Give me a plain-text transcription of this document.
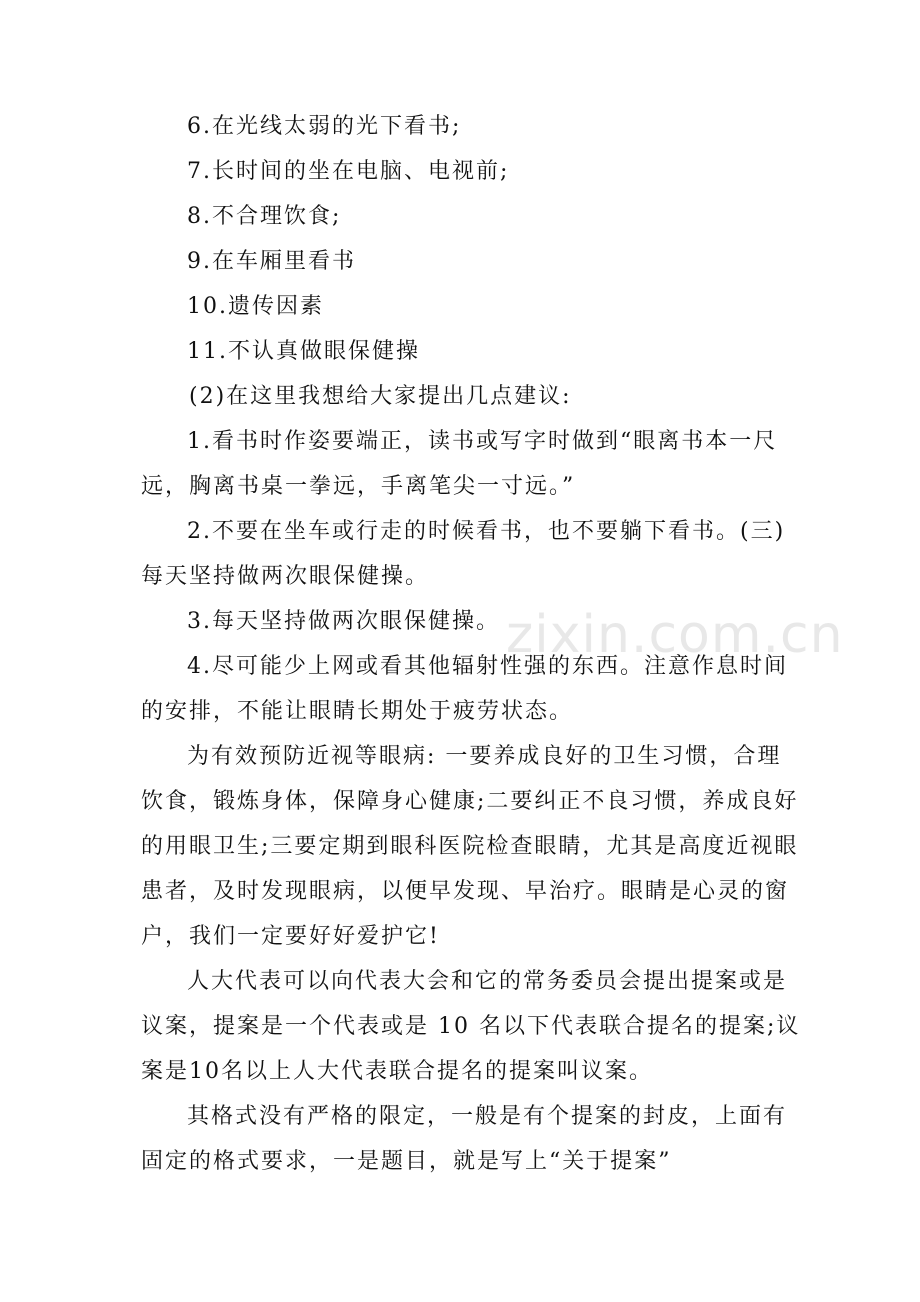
6.在光线太弱的光下看书;
7.长时间的坐在电脑、电视前;
8.不合理饮食;
9.在车厢里看书
10.遗传因素
11.不认真做眼保健操
(2)在这里我想给大家提出几点建议:
1.看书时作姿要端正，读书或写字时做到“眼离书本一尺
远，胸离书桌一拳远，手离笔尖一寸远。”
2.不要在坐车或行走的时候看书，也不要躺下看书。(三)
每天坚持做两次眼保健操。
3.每天坚持做两次眼保健操。
4.尽可能少上网或看其他辐射性强的东西。注意作息时间
的安排，不能让眼睛长期处于疲劳状态。
为有效预防近视等眼病: 一要养成良好的卫生习惯，合理
饮食，锻炼身体，保障身心健康;二要纠正不良习惯，养成良好
的用眼卫生;三要定期到眼科医院检查眼睛，尤其是高度近视眼
患者，及时发现眼病，以便早发现、早治疗。眼睛是心灵的窗
户，我们一定要好好爱护它!
人大代表可以向代表大会和它的常务委员会提出提案或是
议案，提案是一个代表或是 10 名以下代表联合提名的提案;议
案是10名以上人大代表联合提名的提案叫议案。
其格式没有严格的限定，一般是有个提案的封皮，上面有
固定的格式要求，一是题目，就是写上“关于提案”
zixin.com.cn
